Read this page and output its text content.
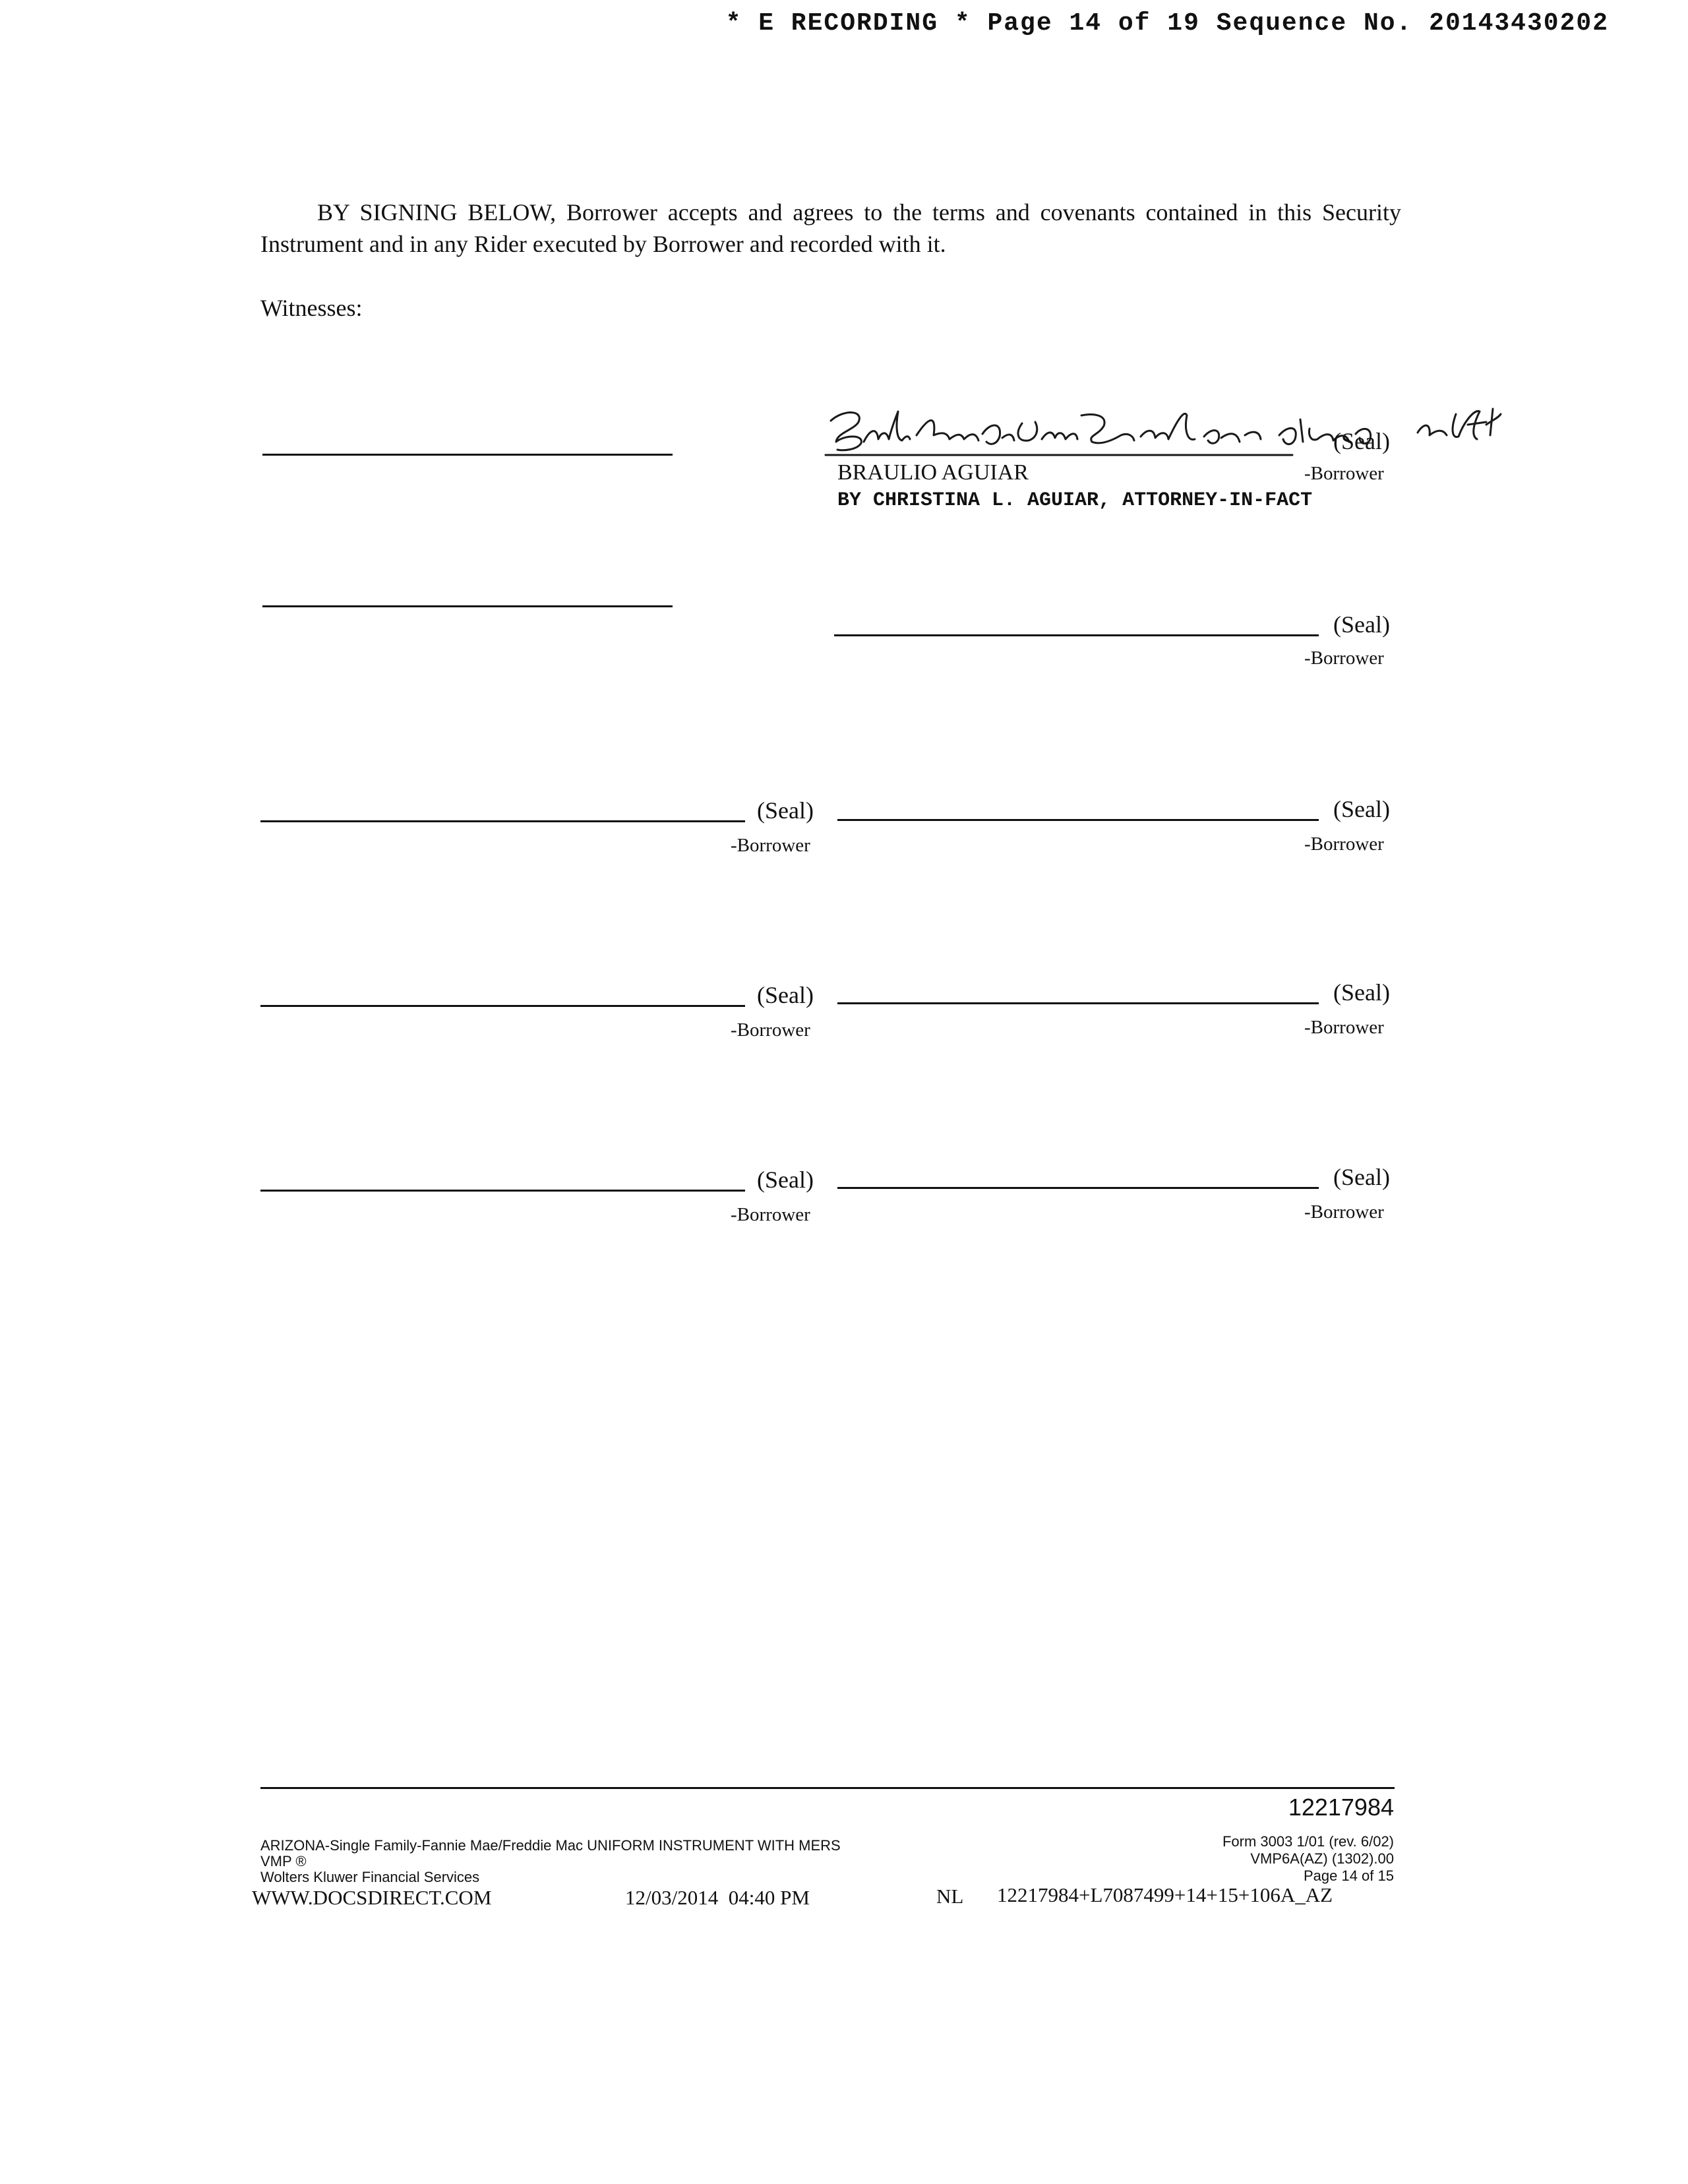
* E RECORDING * Page 14 of 19 Sequence No. 20143430202
BY SIGNING BELOW, Borrower accepts and agrees to the terms and covenants contained in this Security Instrument and in any Rider executed by Borrower and recorded with it.
Witnesses:
(Seal)
-Borrower
BRAULIO AGUIAR
BY CHRISTINA L. AGUIAR, ATTORNEY-IN-FACT
(Seal)
-Borrower
(Seal)
-Borrower
(Seal)
-Borrower
(Seal)
-Borrower
(Seal)
-Borrower
(Seal)
-Borrower
(Seal)
-Borrower
12217984
ARIZONA-Single Family-Fannie Mae/Freddie Mac UNIFORM INSTRUMENT WITH MERS
VMP ®
Wolters Kluwer Financial Services
Form 3003 1/01 (rev. 6/02)
VMP6A(AZ) (1302).00
Page 14 of 15
WWW.DOCSDIRECT.COM	12/03/2014  04:40 PM	NL 12217984+L7087499+14+15+106A_AZ
